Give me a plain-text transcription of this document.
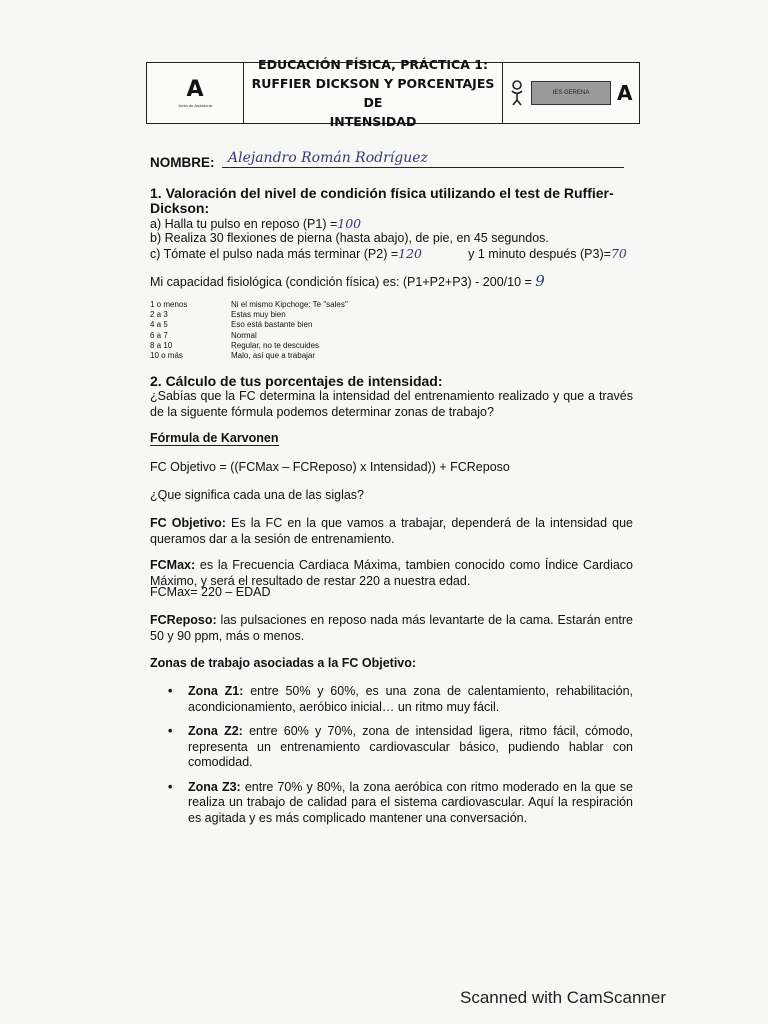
A
Junta de Andalucía
EDUCACIÓN FÍSICA, PRÁCTICA 1:
RUFFIER DICKSON Y PORCENTAJES DE
INTENSIDAD
IES GERENA	A
NOMBRE: Alejandro Román Rodríguez
1. Valoración del nivel de condición física utilizando el test de Ruffier-
Dickson:
a) Halla tu pulso en reposo (P1) =100
b) Realiza 30 flexiones de pierna (hasta abajo), de pie, en 45 segundos.
c) Tómate el pulso nada más terminar (P2) =120	y 1 minuto después (P3)=70
Mi capacidad fisiológica (condición física) es: (P1+P2+P3) - 200/10 = 9
1 o menos	Ni el mismo Kipchoge: Te "sales"
2 a 3	Estas muy bien
4 a 5	Eso está bastante bien
6 a 7	Normal
8 a 10	Regular, no te descuides
10 o más	Malo, así que a trabajar
2. Cálculo de tus porcentajes de intensidad:
¿Sabías que la FC determina la intensidad del entrenamiento realizado y que a través de la siguente fórmula podemos determinar zonas de trabajo?
Fórmula de Karvonen
FC Objetivo = ((FCMax – FCReposo) x Intensidad)) + FCReposo
¿Que significa cada una de las siglas?
FC Objetivo: Es la FC en la que vamos a trabajar, dependerá de la intensidad que queramos dar a la sesión de entrenamiento.
FCMax: es la Frecuencia Cardiaca Máxima, tambien conocido como Índice Cardiaco Máximo, y será el resultado de restar 220 a nuestra edad.
FCMax= 220 – EDAD
FCReposo: las pulsaciones en reposo nada más levantarte de la cama. Estarán entre 50 y 90 ppm, más o menos.
Zonas de trabajo asociadas a la FC Objetivo:
•	Zona Z1: entre 50% y 60%, es una zona de calentamiento, rehabilitación, acondicionamiento, aeróbico inicial… un ritmo muy fácil.
•	Zona Z2: entre 60% y 70%, zona de intensidad ligera, ritmo fácil, cómodo, representa un entrenamiento cardiovascular básico, pudiendo hablar con comodidad.
•	Zona Z3: entre 70% y 80%, la zona aeróbica con ritmo moderado en la que se realiza un trabajo de calidad para el sistema cardiovascular. Aquí la respiración es agitada y es más complicado mantener una conversación.
Scanned with CamScanner
